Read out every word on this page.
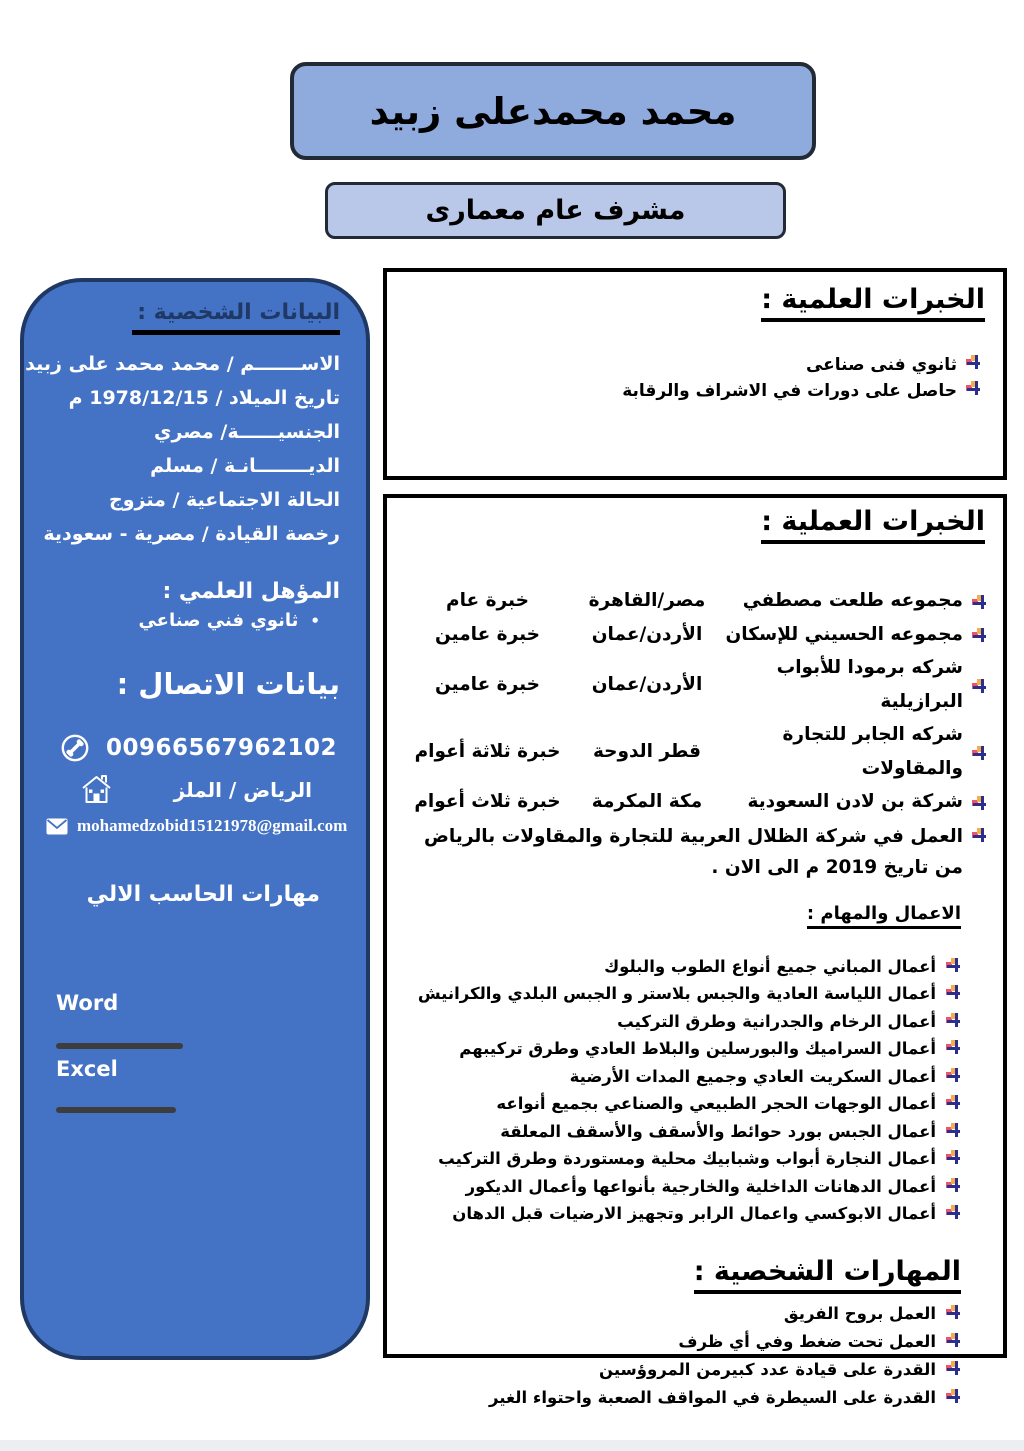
محمد محمدعلى زبيد
مشرف عام معمارى
البيانات الشخصية :
الاســـــــم / محمد محمد على زبيد
تاريخ الميلاد / 1978/12/15 م
الجنسيــــــة/ مصري
الديــــــــانـة / مسلم
الحالة الاجتماعية / متزوج
رخصة القيادة / مصرية - سعودية
المؤهل العلمي :
•ثانوي فني صناعي
بيانات الاتصال :
00966567962102
الرياض / الملز
mohamedzobid15121978@gmail.com
مهارات الحاسب الالي
Word
Excel
الخبرات العلمية :
ثانوي فنى صناعى
حاصل على دورات في الاشراف والرقابة
الخبرات العملية :
مجموعه طلعت مصطفي
مصر/القاهرة
خبرة عام
مجموعه الحسيني للإسكان
الأردن/عمان
خبرة عامين
شركه برمودا للأبواب البرازيلية
الأردن/عمان
خبرة عامين
شركه الجابر للتجارة والمقاولات
قطر الدوحة
خبرة ثلاثة أعوام
شركة بن لادن السعودية
مكة المكرمة
خبرة ثلاث أعوام
العمل في شركة الظلال العربية للتجارة والمقاولات بالرياض من تاريخ 2019 م الى الان .
الاعمال والمهام :
أعمال المباني جميع أنواع الطوب والبلوك
أعمال اللياسة العادية والجبس بلاستر و الجبس البلدي والكرانيش
أعمال الرخام والجدرانية وطرق التركيب
أعمال السراميك والبورسلين والبلاط العادي وطرق تركيبهم
أعمال السكريت العادي وجميع المدات الأرضية
أعمال الوجهات الحجر الطبيعي والصناعي بجميع أنواعه
أعمال الجبس بورد حوائط والأسقف والأسقف المعلقة
أعمال النجارة أبواب وشبابيك محلية ومستوردة وطرق التركيب
أعمال الدهانات الداخلية والخارجية بأنواعها وأعمال الديكور
أعمال الابوكسي واعمال الرابر وتجهيز الارضيات قبل الدهان
المهارات الشخصية :
العمل بروح الفريق
العمل تحت ضغط وفي أي ظرف
القدرة على قيادة عدد كبيرمن المروؤسين
القدرة على السيطرة في المواقف الصعبة واحتواء الغير
